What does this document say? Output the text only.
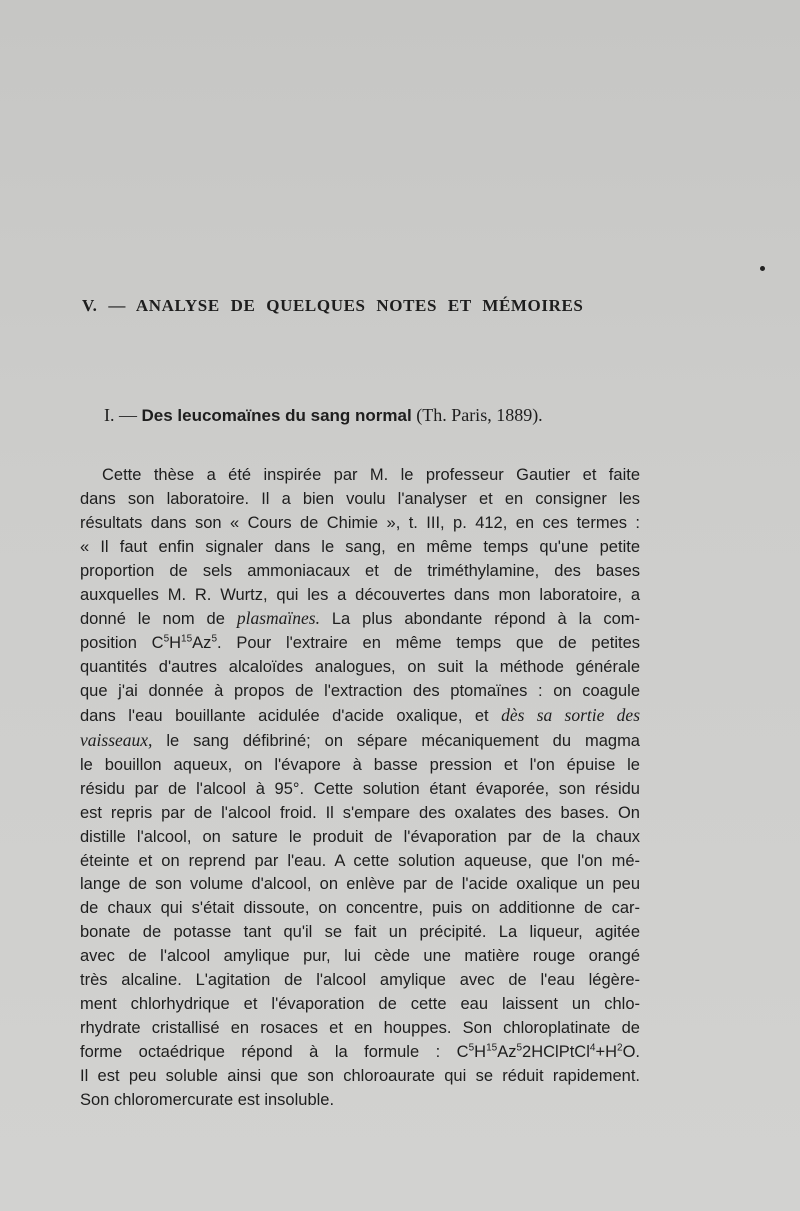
V. — ANALYSE DE QUELQUES NOTES ET MÉMOIRES
I. — Des leucomaïnes du sang normal (Th. Paris, 1889).
Cette thèse a été inspirée par M. le professeur Gautier et faite
dans son laboratoire. Il a bien voulu l'analyser et en consigner les
résultats dans son « Cours de Chimie », t. III, p. 412, en ces termes :
« Il faut enfin signaler dans le sang, en même temps qu'une petite
proportion de sels ammoniacaux et de triméthylamine, des bases
auxquelles M. R. Wurtz, qui les a découvertes dans mon laboratoire, a
donné le nom de plasmaïnes. La plus abondante répond à la com-
position $C^5H^{15}Az^5$. Pour l'extraire en même temps que de petites
quantités d'autres alcaloïdes analogues, on suit la méthode générale
que j'ai donnée à propos de l'extraction des ptomaïnes : on coagule
dans l'eau bouillante acidulée d'acide oxalique, et dès sa sortie des
vaisseaux, le sang défibriné; on sépare mécaniquement du magma
le bouillon aqueux, on l'évapore à basse pression et l'on épuise le
résidu par de l'alcool à 95°. Cette solution étant évaporée, son résidu
est repris par de l'alcool froid. Il s'empare des oxalates des bases. On
distille l'alcool, on sature le produit de l'évaporation par de la chaux
éteinte et on reprend par l'eau. A cette solution aqueuse, que l'on mé-
lange de son volume d'alcool, on enlève par de l'acide oxalique un peu
de chaux qui s'était dissoute, on concentre, puis on additionne de car-
bonate de potasse tant qu'il se fait un précipité. La liqueur, agitée
avec de l'alcool amylique pur, lui cède une matière rouge orangé
très alcaline. L'agitation de l'alcool amylique avec de l'eau légère-
ment chlorhydrique et l'évaporation de cette eau laissent un chlo-
rhydrate cristallisé en rosaces et en houppes. Son chloroplatinate de
forme octaédrique répond à la formule : $C^5H^{15}Az^52HClPtCl^4+H^2O$.
Il est peu soluble ainsi que son chloroaurate qui se réduit rapidement.
Son chloromercurate est insoluble.
